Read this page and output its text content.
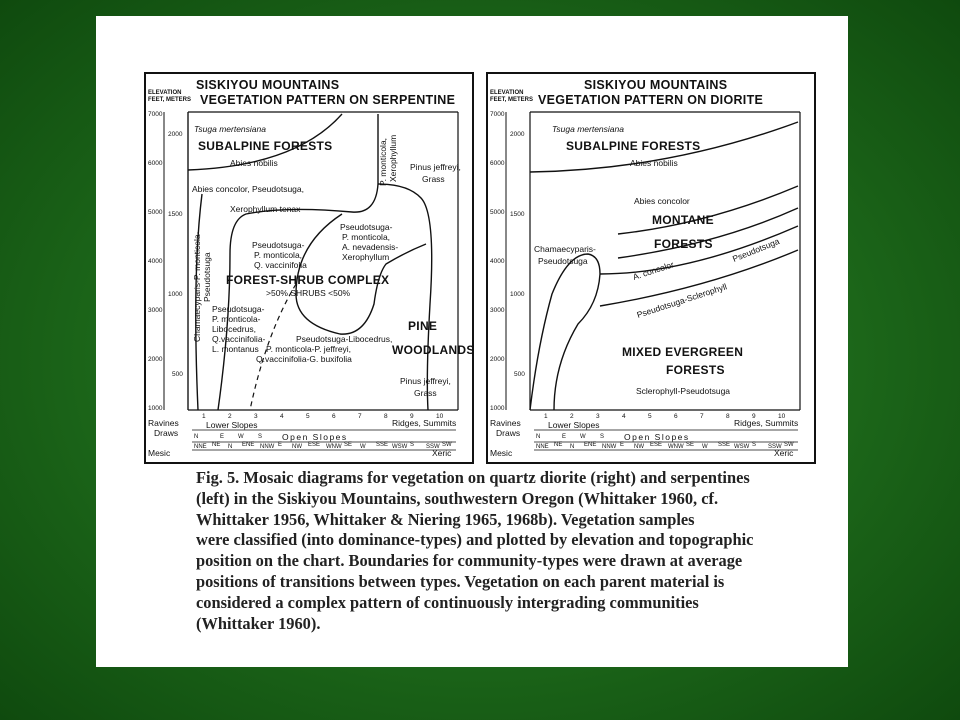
SISKIYOU MOUNTAINS
VEGETATION PATTERN ON SERPENTINE
ELEVATION
FEET, METERS
7000
6000
5000
4000
3000
2000
1000
2000
1500
1000
500
Tsuga mertensiana
SUBALPINE FORESTS
Abies nobilis
Abies concolor, Pseudotsuga,
Xerophyllum tenax
P. monticola, Xerophyllum Pinus jeffreyi,
Grass
Chamaecyparis-P. monticola- Pseudotsuga
Pseudotsuga-
P. monticola,
A. nevadensis-
Xerophyllum
Pseudotsuga-
P. monticola,
Q. vaccinifolia
FOREST-SHRUB COMPLEX
>50% SHRUBS <50%
Pseudotsuga-
P. monticola-
Libocedrus,
Q.vaccinifolia-
L. montanus
PINE
WOODLANDS
Pseudotsuga-Libocedrus,
P. monticola-P. jeffreyi,
Q.vaccinifolia-G. buxifolia
Pinus jeffreyi,
Grass
1	2	3	4	5	6	7	8	9	10
Ravines
Draws
Lower Slopes
Open Slopes
Ridges, Summits
Mesic	Xeric
N	E W S
NNE NE N ENE NNW E NW ESE WNW SE W SSE WSW S SSW SW
SISKIYOU MOUNTAINS
VEGETATION PATTERN ON DIORITE
ELEVATION
FEET, METERS
7000
6000
5000
4000
3000
2000
1000
2000
1500
1000
500
Tsuga mertensiana
SUBALPINE FORESTS
Abies nobilis
Abies concolor
MONTANE
FORESTS
Chamaecyparis-
Pseudotsuga	A. concolor
Pseudotsuga
Pseudotsuga-Sclerophyll
MIXED EVERGREEN
FORESTS
Sclerophyll-Pseudotsuga
1	2	3	4	5	6	7	8	9	10
Ravines
Draws
Lower Slopes
Open Slopes
Ridges, Summits
Mesic	Xeric
N	E W S
NNE NE N ENE NNW E NW ESE WNW SE W SSE WSW S SSW SW
Fig. 5. Mosaic diagrams for vegetation on quartz diorite (right) and serpentines
(left) in the Siskiyou Mountains, southwestern Oregon (Whittaker 1960, cf.
Whittaker 1956, Whittaker & Niering 1965, 1968b). Vegetation samples
were classified (into dominance-types) and plotted by elevation and topographic
position on the chart. Boundaries for community-types were drawn at average
positions of transitions between types. Vegetation on each parent material is
considered a complex pattern of continuously intergrading communities
(Whittaker 1960).
